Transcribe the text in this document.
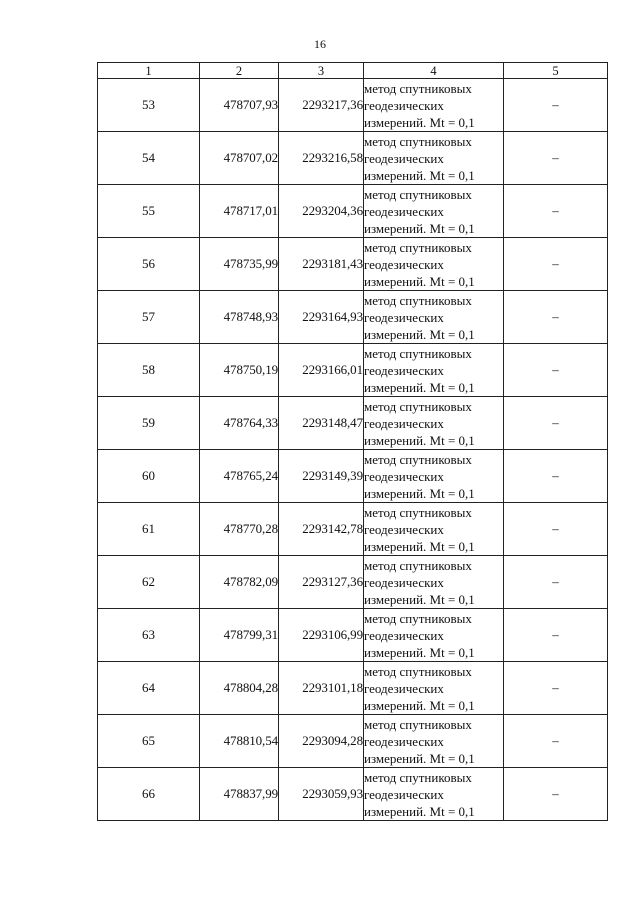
16
1	2	3	4	5
53	478707,93	2293217,36	метод спутниковых
геодезических
измерений. Mt = 0,1	–
54	478707,02	2293216,58	метод спутниковых
геодезических
измерений. Mt = 0,1	–
55	478717,01	2293204,36	метод спутниковых
геодезических
измерений. Mt = 0,1	–
56	478735,99	2293181,43	метод спутниковых
геодезических
измерений. Mt = 0,1	–
57	478748,93	2293164,93	метод спутниковых
геодезических
измерений. Mt = 0,1	–
58	478750,19	2293166,01	метод спутниковых
геодезических
измерений. Mt = 0,1	–
59	478764,33	2293148,47	метод спутниковых
геодезических
измерений. Mt = 0,1	–
60	478765,24	2293149,39	метод спутниковых
геодезических
измерений. Mt = 0,1	–
61	478770,28	2293142,78	метод спутниковых
геодезических
измерений. Mt = 0,1	–
62	478782,09	2293127,36	метод спутниковых
геодезических
измерений. Mt = 0,1	–
63	478799,31	2293106,99	метод спутниковых
геодезических
измерений. Mt = 0,1	–
64	478804,28	2293101,18	метод спутниковых
геодезических
измерений. Mt = 0,1	–
65	478810,54	2293094,28	метод спутниковых
геодезических
измерений. Mt = 0,1	–
66	478837,99	2293059,93	метод спутниковых
геодезических
измерений. Mt = 0,1	–
